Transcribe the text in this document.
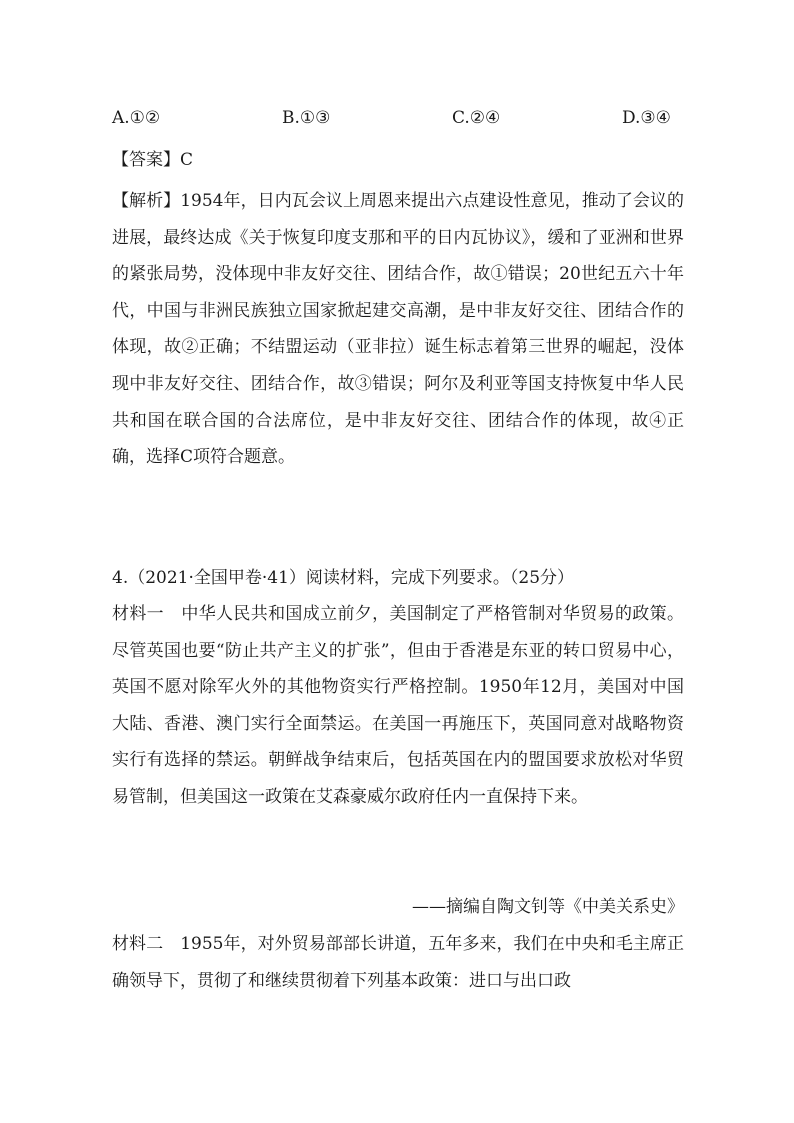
A.①②	B.①③	C.②④	D.③④

【答案】C

【解析】1954年，日内瓦会议上周恩来提出六点建设性意见，推动了会议的进展，最终达成《关于恢复印度支那和平的日内瓦协议》，缓和了亚洲和世界的紧张局势，没体现中非友好交往、团结合作，故①错误；20世纪五六十年代，中国与非洲民族独立国家掀起建交高潮，是中非友好交往、团结合作的体现，故②正确；不结盟运动（亚非拉）诞生标志着第三世界的崛起，没体现中非友好交往、团结合作，故③错误；阿尔及利亚等国支持恢复中华人民共和国在联合国的合法席位，是中非友好交往、团结合作的体现，故④正确，选择C项符合题意。

4.（2021·全国甲卷·41）阅读材料，完成下列要求。（25分）

材料一　中华人民共和国成立前夕，美国制定了严格管制对华贸易的政策。尽管英国也要“防止共产主义的扩张”，但由于香港是东亚的转口贸易中心，英国不愿对除军火外的其他物资实行严格控制。1950年12月，美国对中国大陆、香港、澳门实行全面禁运。在美国一再施压下，英国同意对战略物资实行有选择的禁运。朝鲜战争结束后，包括英国在内的盟国要求放松对华贸易管制，但美国这一政策在艾森豪威尔政府任内一直保持下来。

——摘编自陶文钊等《中美关系史》

材料二　1955年，对外贸易部部长讲道，五年多来，我们在中央和毛主席正确领导下，贯彻了和继续贯彻着下列基本政策：进口与出口政
